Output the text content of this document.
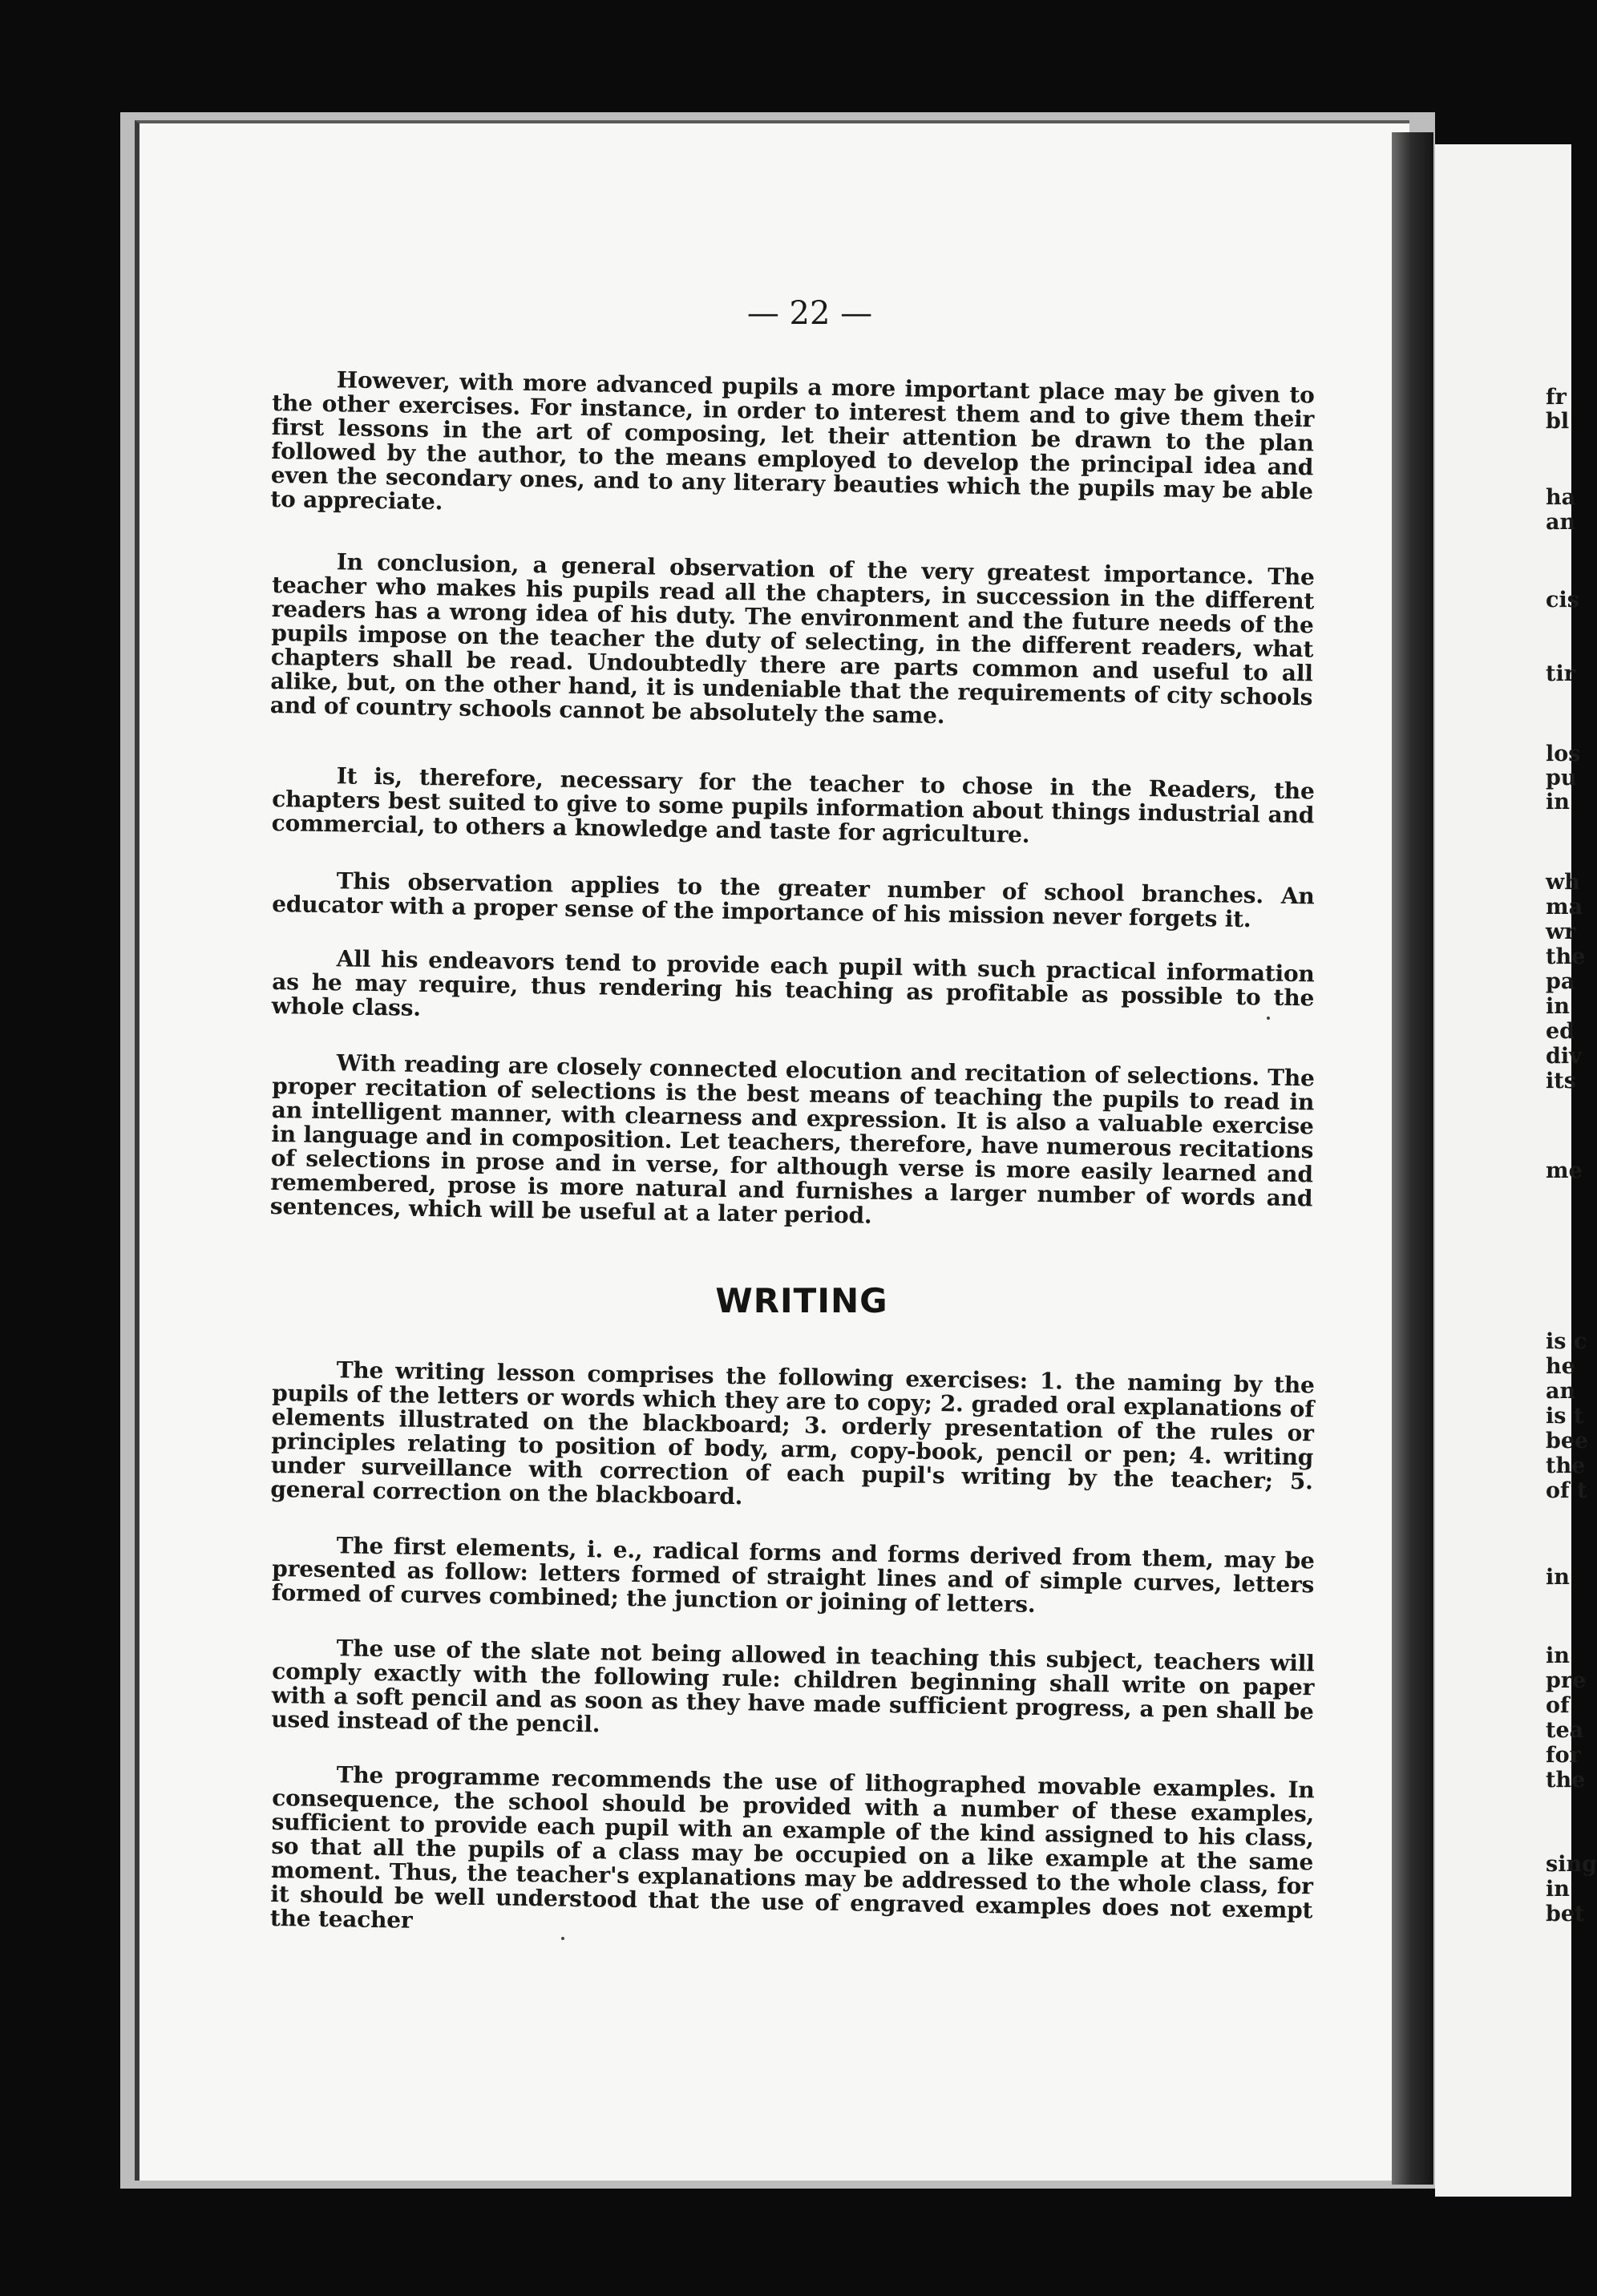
— 22 —
However, with more advanced pupils a more important place may be given to the other exercises. For instance, in order to interest them and to give them their first lessons in the art of composing, let their attention be drawn to the plan followed by the author, to the means employed to develop the principal idea and even the secondary ones, and to any literary beauties which the pupils may be able to appreciate.
In conclusion, a general observation of the very greatest importance. The teacher who makes his pupils read all the chapters, in succession in the different readers has a wrong idea of his duty. The environment and the future needs of the pupils impose on the teacher the duty of selecting, in the different readers, what chapters shall be read. Undoubtedly there are parts common and useful to all alike, but, on the other hand, it is undeniable that the requirements of city schools and of country schools cannot be absolutely the same.
It is, therefore, necessary for the teacher to chose in the Readers, the chapters best suited to give to some pupils information about things industrial and commercial, to others a knowledge and taste for agriculture.
This observation applies to the greater number of school branches. An educator with a proper sense of the importance of his mission never forgets it.
All his endeavors tend to provide each pupil with such practical information as he may require, thus rendering his teaching as profitable as possible to the whole class.
With reading are closely connected elocution and recitation of selections. The proper recitation of selections is the best means of teaching the pupils to read in an intelligent manner, with clearness and expression. It is also a valuable exercise in language and in composition. Let teachers, therefore, have numerous recitations of selections in prose and in verse, for although verse is more easily learned and remembered, prose is more natural and furnishes a larger number of words and sentences, which will be useful at a later period.
WRITING
The writing lesson comprises the following exercises: 1. the naming by the pupils of the letters or words which they are to copy; 2. graded oral explanations of elements illustrated on the blackboard; 3. orderly presentation of the rules or principles relating to position of body, arm, copy-book, pencil or pen; 4. writing under surveillance with correction of each pupil's writing by the teacher; 5. general correction on the blackboard.
The first elements, i. e., radical forms and forms derived from them, may be presented as follow: letters formed of straight lines and of simple curves, letters formed of curves combined; the junction or joining of letters.
The use of the slate not being allowed in teaching this subject, teachers will comply exactly with the following rule: children beginning shall write on paper with a soft pencil and as soon as they have made sufficient progress, a pen shall be used instead of the pencil.
The programme recommends the use of lithographed movable examples. In consequence, the school should be provided with a number of these examples, sufficient to provide each pupil with an example of the kind assigned to his class, so that all the pupils of a class may be occupied on a like example at the same moment. Thus, the teacher's explanations may be addressed to the whole class, for it should be well understood that the use of engraved examples does not exempt the teacher
fr
bl
ha
an
cis
tir
los
pu
in
wh
ma
wr
the
pa
in
ed
div
its
me
is c
he
an
is t
bee
the
of t
in
in
pre
of
tea
for
the
sing
in
bet
